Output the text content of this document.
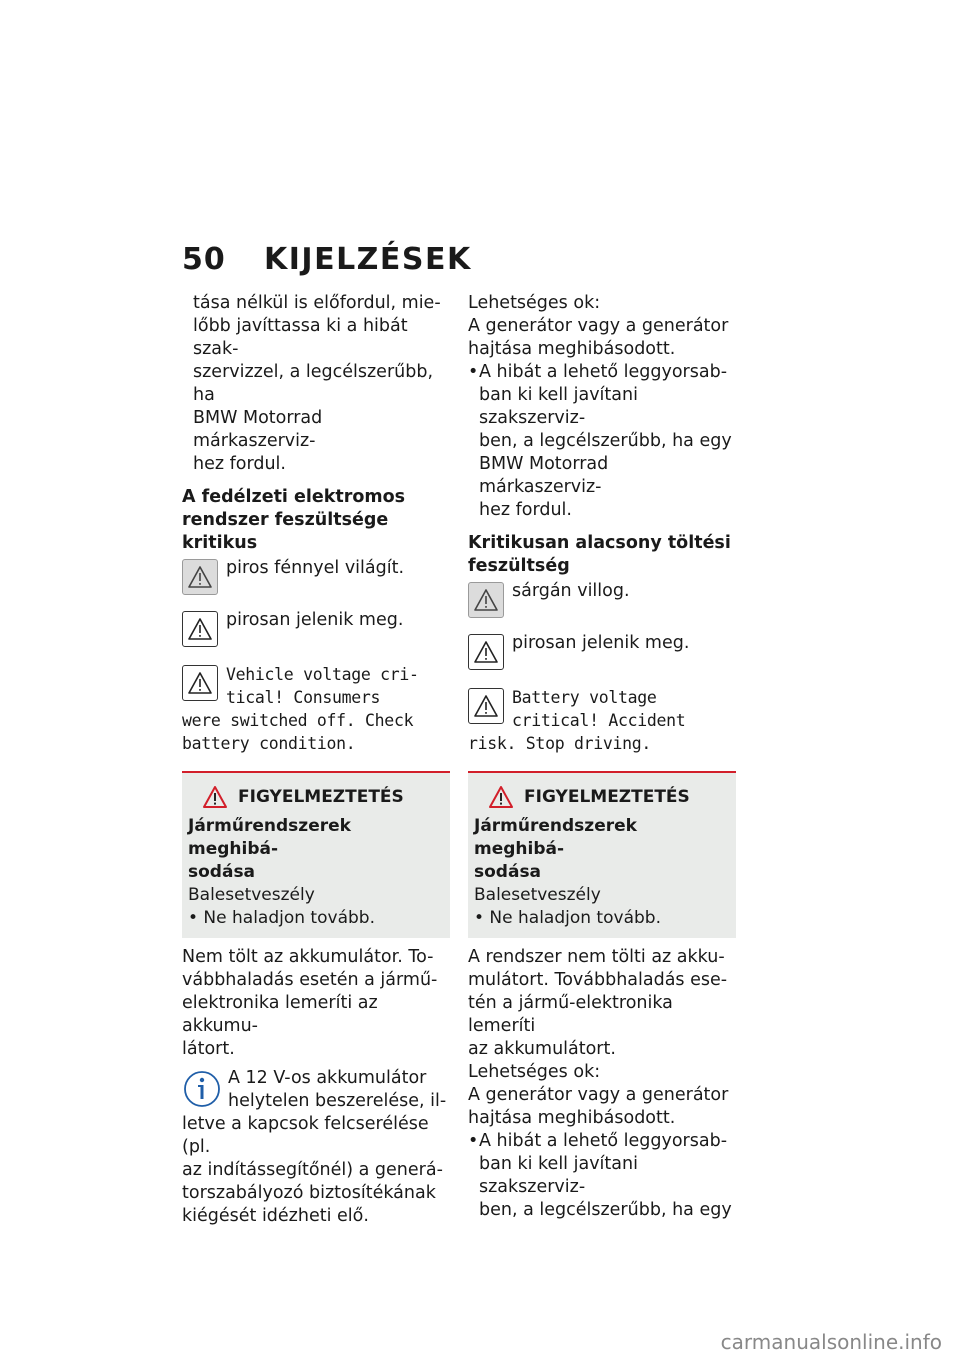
50	KIJELZÉSEK

tása nélkül is előfordul, mie-

lőbb javíttassa ki a hibát szak-

szervizzel, a legcélszerűbb, ha

BMW Motorrad márkaszerviz-

hez fordul.

A fedélzeti elektromos
rendszer feszültsége kritikus

piros fénnyel világít.

pirosan jelenik meg.

Vehicle voltage cri-
tical! Consumers
were switched off. Check
battery condition.
FIGYELMEZTETÉS
Járműrendszerek meghibá-
sodása

Balesetveszély

• Ne haladjon tovább.

Nem tölt az akkumulátor. To-

vábbhaladás esetén a jármű-

elektronika lemeríti az akkumu-

látort.

A 12 V-os akkumulátor

helytelen beszerelése, il-

letve a kapcsok felcserélése (pl.

az indítássegítőnél) a generá-

torszabályozó biztosítékának

kiégését idézheti elő.

Lehetséges ok:

A generátor vagy a generátor

hajtása meghibásodott.

• A hibát a lehető leggyorsab-
ban ki kell javítani szakszerviz-
ben, a legcélszerűbb, ha egy
BMW Motorrad márkaszerviz-
hez fordul.
Kritikusan alacsony töltési
feszültség

sárgán villog.

pirosan jelenik meg.

Battery voltage
critical! Accident
risk. Stop driving.
FIGYELMEZTETÉS
Járműrendszerek meghibá-
sodása

Balesetveszély

• Ne haladjon tovább.

A rendszer nem tölti az akku-

mulátort. Továbbhaladás ese-

tén a jármű-elektronika lemeríti

az akkumulátort.

Lehetséges ok:

A generátor vagy a generátor

hajtása meghibásodott.

• A hibát a lehető leggyorsab-
ban ki kell javítani szakszerviz-
ben, a legcélszerűbb, ha egy
carmanualsonline.info
